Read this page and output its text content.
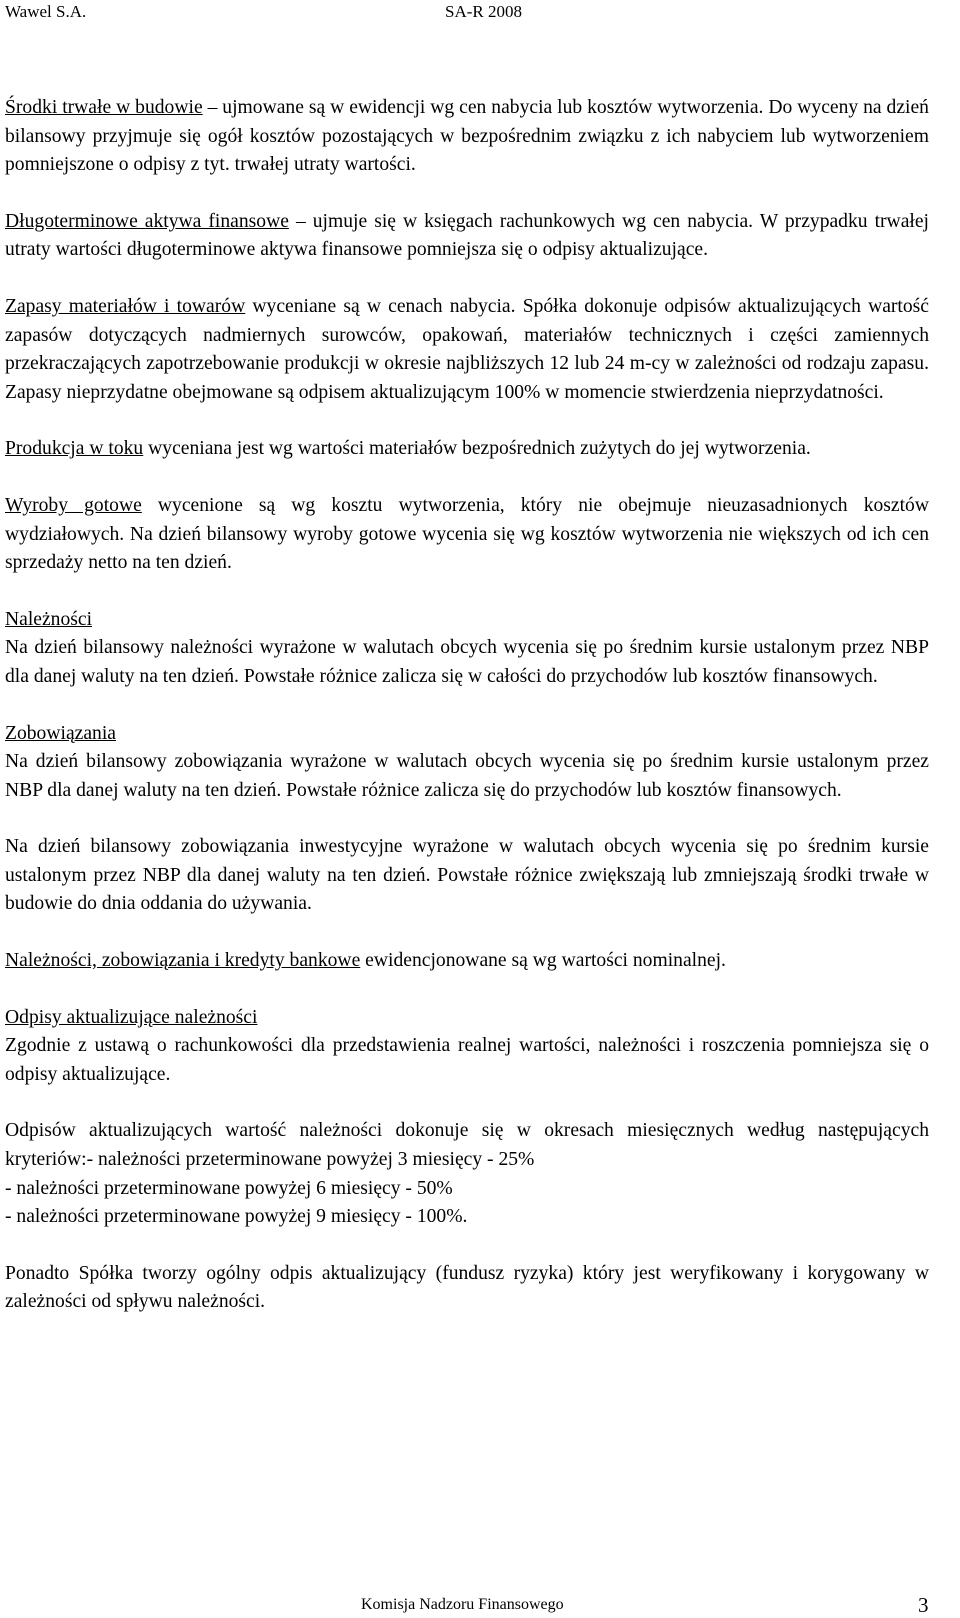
Wawel S.A.	SA-R 2008

Środki trwałe w budowie – ujmowane są w ewidencji wg cen nabycia lub kosztów wytworzenia. Do wyceny na dzień bilansowy przyjmuje się ogół kosztów pozostających w bezpośrednim związku z ich nabyciem lub wytworzeniem pomniejszone o odpisy z tyt. trwałej utraty wartości.

Długoterminowe aktywa finansowe – ujmuje się w księgach rachunkowych wg cen nabycia. W przypadku trwałej utraty wartości długoterminowe aktywa finansowe pomniejsza się o odpisy aktualizujące.

Zapasy materiałów i towarów wyceniane są w cenach nabycia. Spółka dokonuje odpisów aktualizujących wartość zapasów dotyczących nadmiernych surowców, opakowań, materiałów technicznych i części zamiennych przekraczających zapotrzebowanie produkcji w okresie najbliższych 12 lub 24 m-cy w zależności od rodzaju zapasu. Zapasy nieprzydatne obejmowane są odpisem aktualizującym 100% w momencie stwierdzenia nieprzydatności.

Produkcja w toku wyceniana jest wg wartości materiałów bezpośrednich zużytych do jej wytworzenia.

Wyroby gotowe wycenione są wg kosztu wytworzenia, który nie obejmuje nieuzasadnionych kosztów wydziałowych. Na dzień bilansowy wyroby gotowe wycenia się wg kosztów wytworzenia nie większych od ich cen sprzedaży netto na ten dzień.

Należności
Na dzień bilansowy należności wyrażone w walutach obcych wycenia się po średnim kursie ustalonym przez NBP dla danej waluty na ten dzień. Powstałe różnice zalicza się w całości do przychodów lub kosztów finansowych.

Zobowiązania
Na dzień bilansowy zobowiązania wyrażone w walutach obcych wycenia się po średnim kursie ustalonym przez NBP dla danej waluty na ten dzień. Powstałe różnice zalicza się do przychodów lub kosztów finansowych.

Na dzień bilansowy zobowiązania inwestycyjne wyrażone w walutach obcych wycenia się po średnim kursie ustalonym przez NBP dla danej waluty na ten dzień. Powstałe różnice zwiększają lub zmniejszają środki trwałe w budowie do dnia oddania do używania.

Należności, zobowiązania i kredyty bankowe ewidencjonowane są wg wartości nominalnej.

Odpisy aktualizujące należności
Zgodnie z ustawą o rachunkowości dla przedstawienia realnej wartości, należności i roszczenia pomniejsza się o odpisy aktualizujące.

Odpisów aktualizujących wartość należności dokonuje się w okresach miesięcznych według następujących kryteriów:- należności przeterminowane powyżej 3 miesięcy - 25%

- należności przeterminowane powyżej 6 miesięcy - 50%

- należności przeterminowane powyżej 9 miesięcy - 100%.

Ponadto Spółka tworzy ogólny odpis aktualizujący (fundusz ryzyka) który jest weryfikowany i korygowany w zależności od spływu należności.

Komisja Nadzoru Finansowego	3
